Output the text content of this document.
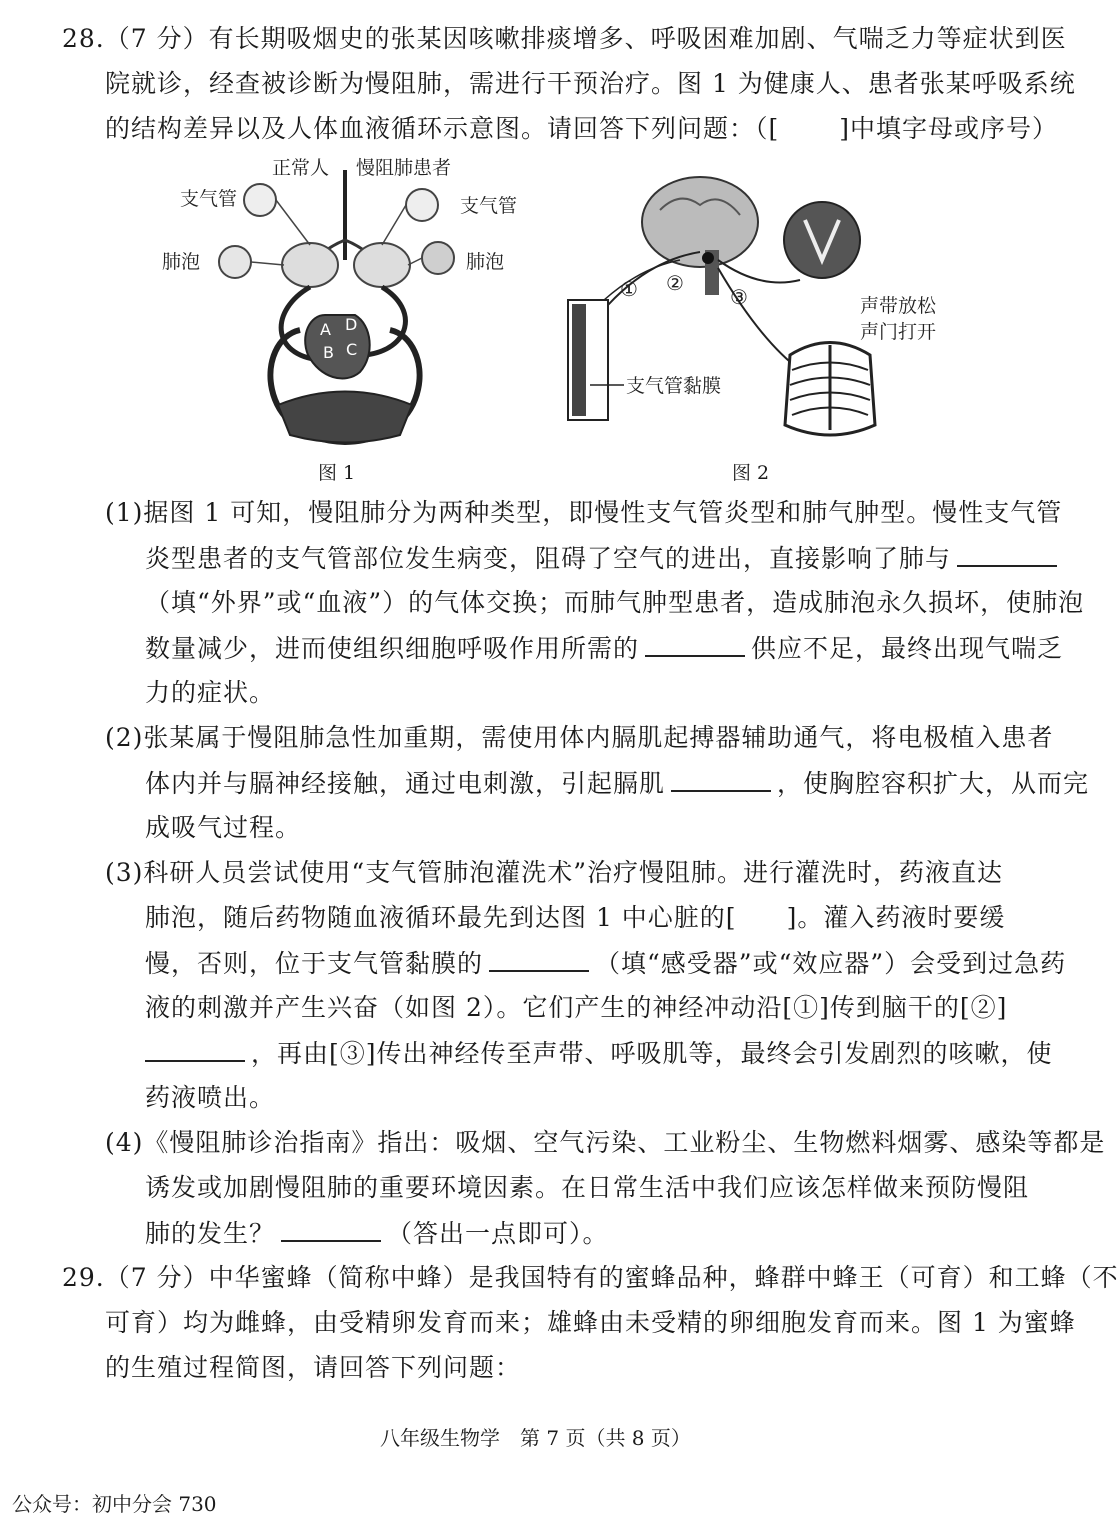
28.（7 分）有长期吸烟史的张某因咳嗽排痰增多、呼吸困难加剧、气喘乏力等症状到医
院就诊，经查被诊断为慢阻肺，需进行干预治疗。图 1 为健康人、患者张某呼吸系统
的结构差异以及人体血液循环示意图。请回答下列问题：（[ ]中填字母或序号）
正常人 慢阻肺患者
支气管	支气管
肺泡	肺泡
A D
B C
图 1
① ②
③	声带放松
声门打开
支气管黏膜
图 2
(1)据图 1 可知，慢阻肺分为两种类型，即慢性支气管炎型和肺气肿型。慢性支气管
炎型患者的支气管部位发生病变，阻碍了空气的进出，直接影响了肺与
（填“外界”或“血液”）的气体交换；而肺气肿型患者，造成肺泡永久损坏，使肺泡
数量减少，进而使组织细胞呼吸作用所需的	供应不足，最终出现气喘乏
力的症状。
(2)张某属于慢阻肺急性加重期，需使用体内膈肌起搏器辅助通气，将电极植入患者
体内并与膈神经接触，通过电刺激，引起膈肌	，使胸腔容积扩大，从而完
成吸气过程。
(3)科研人员尝试使用“支气管肺泡灌洗术”治疗慢阻肺。进行灌洗时，药液直达
肺泡，随后药物随血液循环最先到达图 1 中心脏的[ ]。灌入药液时要缓
慢，否则，位于支气管黏膜的	（填“感受器”或“效应器”）会受到过急药
液的刺激并产生兴奋（如图 2）。它们产生的神经冲动沿[①]传到脑干的[②]
，再由[③]传出神经传至声带、呼吸肌等，最终会引发剧烈的咳嗽，使
药液喷出。
(4)《慢阻肺诊治指南》指出：吸烟、空气污染、工业粉尘、生物燃料烟雾、感染等都是
诱发或加剧慢阻肺的重要环境因素。在日常生活中我们应该怎样做来预防慢阻
肺的发生？	（答出一点即可）。
29.（7 分）中华蜜蜂（简称中蜂）是我国特有的蜜蜂品种，蜂群中蜂王（可育）和工蜂（不
可育）均为雌蜂，由受精卵发育而来；雄蜂由未受精的卵细胞发育而来。图 1 为蜜蜂
的生殖过程简图，请回答下列问题：
八年级生物学　第 7 页（共 8 页）
公众号：初中分会 730
